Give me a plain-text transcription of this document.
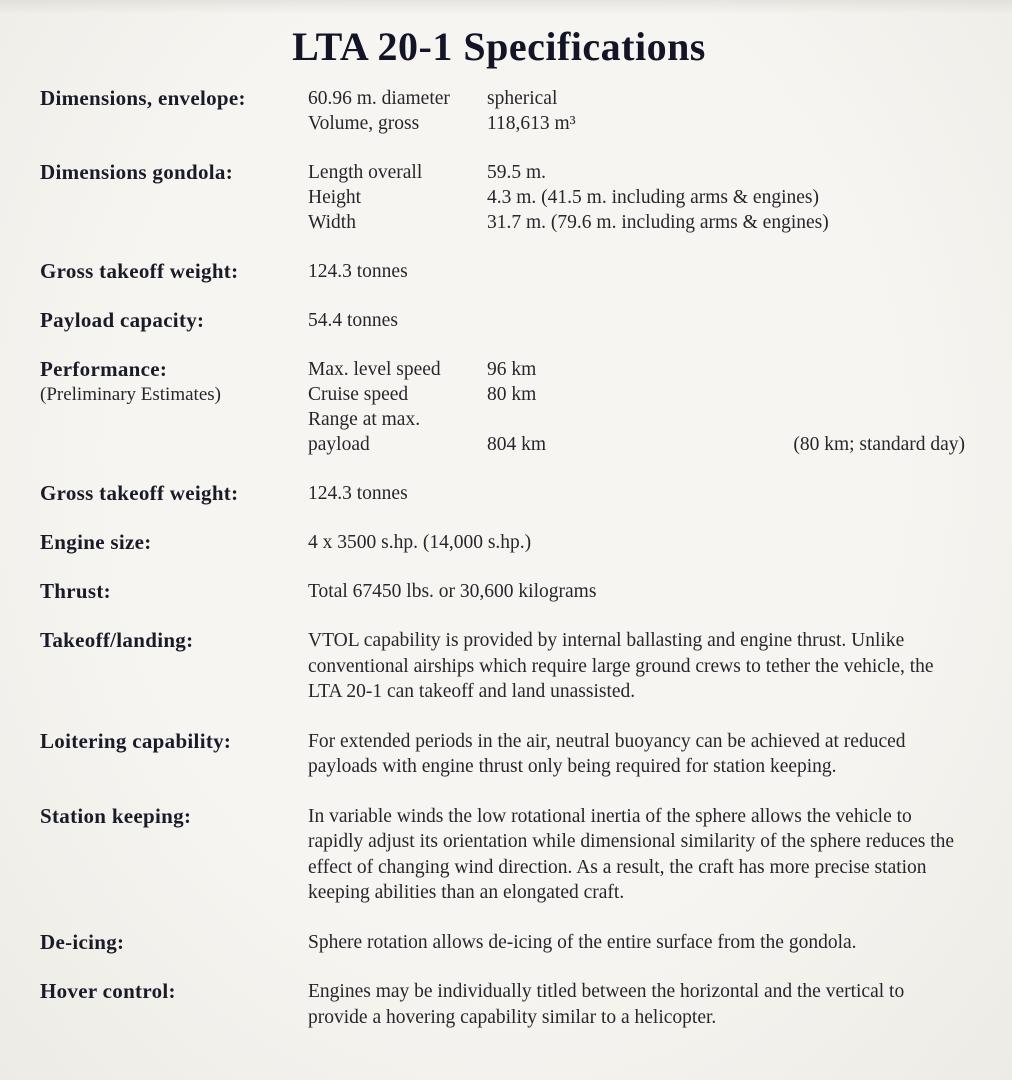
LTA 20-1 Specifications
Dimensions, envelope:	60.96 m. diameter	spherical
Volume, gross	118,613 m³
Dimensions gondola:	Length overall	59.5 m.
Height	4.3 m. (41.5 m. including arms & engines)
Width	31.7 m. (79.6 m. including arms & engines)
Gross takeoff weight:	124.3 tonnes
Payload capacity:	54.4 tonnes
Performance:
(Preliminary Estimates)
Max. level speed	96 km
Cruise speed	80 km
Range at max.
payload	804 km	(80 km; standard day)
Gross takeoff weight:	124.3 tonnes
Engine size:	4 x 3500 s.hp. (14,000 s.hp.)
Thrust:	Total 67450 lbs. or 30,600 kilograms
Takeoff/landing:	VTOL capability is provided by internal ballasting and engine thrust. Unlike conventional airships which require large ground crews to tether the vehicle, the LTA 20-1 can takeoff and land unassisted.
Loitering capability:	For extended periods in the air, neutral buoyancy can be achieved at reduced payloads with engine thrust only being required for station keeping.
Station keeping:	In variable winds the low rotational inertia of the sphere allows the vehicle to rapidly adjust its orientation while dimensional similarity of the sphere reduces the effect of changing wind direction. As a result, the craft has more precise station keeping abilities than an elongated craft.
De-icing:	Sphere rotation allows de-icing of the entire surface from the gondola.
Hover control:	Engines may be individually titled between the horizontal and the vertical to provide a hovering capability similar to a helicopter.
